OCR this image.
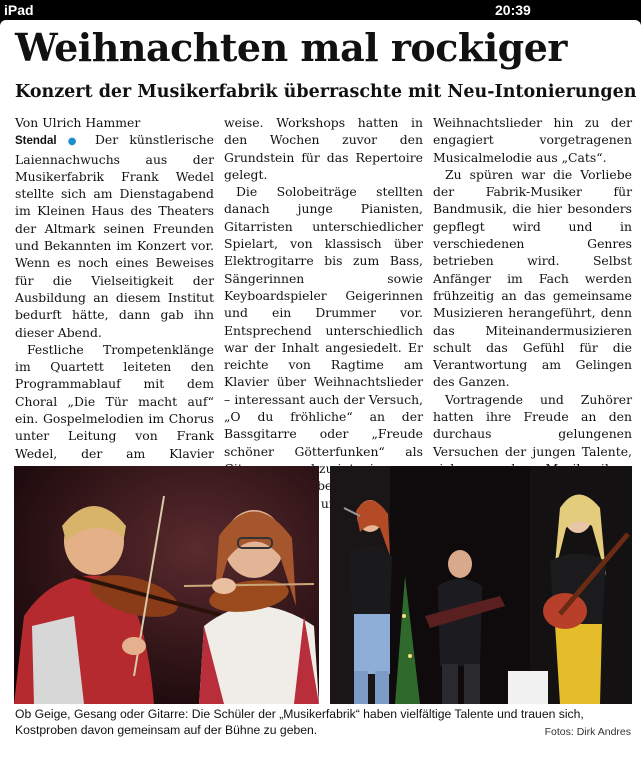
iPad	20:39
Weihnachten mal rockiger
Konzert der Musikerfabrik überraschte mit Neu-Intonierungen
Von Ulrich Hammer

Stendal ● Der künstlerische Laiennachwuchs aus der Musikerfabrik Frank Wedel stellte sich am Dienstagabend im Kleinen Haus des Theaters der Altmark seinen Freunden und Bekannten im Konzert vor. Wenn es noch eines Beweises für die Vielseitigkeit der Ausbildung an diesem Institut bedurft hätte, dann gab ihn dieser Abend.

Festliche Trompetenklänge im Quartett leiteten den Programmablauf mit dem Choral „Die Tür macht auf“ ein. Gospelmelodien im Chorus unter Leitung von Frank Wedel, der am Klavier

weise. Workshops hatten in den Wochen zuvor den Grundstein für das Repertoire gelegt.

Die Solobeiträge stellten danach junge Pianisten, Gitarristen unterschiedlicher Spielart, von klassisch über Elektrogitarre bis zum Bass, Sängerinnen sowie Keyboardspieler Geigerinnen und ein Drummer vor. Entsprechend unterschiedlich war der Inhalt angesiedelt. Er reichte von Ragtime am Klavier über Weihnachtslieder – interessant auch der Versuch, „O du fröhliche“ an der Bassgitarre oder „Freude schöner Götterfunken“ als zu

Weihnachtslieder hin zu der engagiert vorgetragenen Musicalmelodie aus „Cats“.

Zu spüren war die Vorliebe der Fabrik-Musiker für Bandmusik, die hier besonders gepflegt wird und in verschiedenen Genres betrieben wird. Selbst Anfänger im Fach werden frühzeitig an das gemeinsame Musizieren herangeführt, denn das Miteinandermusizieren schult das Gefühl für die Verantwortung am Gelingen des Ganzen.

Vortragende und Zuhörer hatten ihre Freude an den durchaus gelungenen Versuchen der jungen Talente,

Ob Geige, Gesang oder Gitarre: Die Schüler der „Musikerfabrik“ haben vielfältige Talente und trauen sich, Kostproben davon gemeinsam auf der Bühne zu geben.	Fotos: Dirk Andres
